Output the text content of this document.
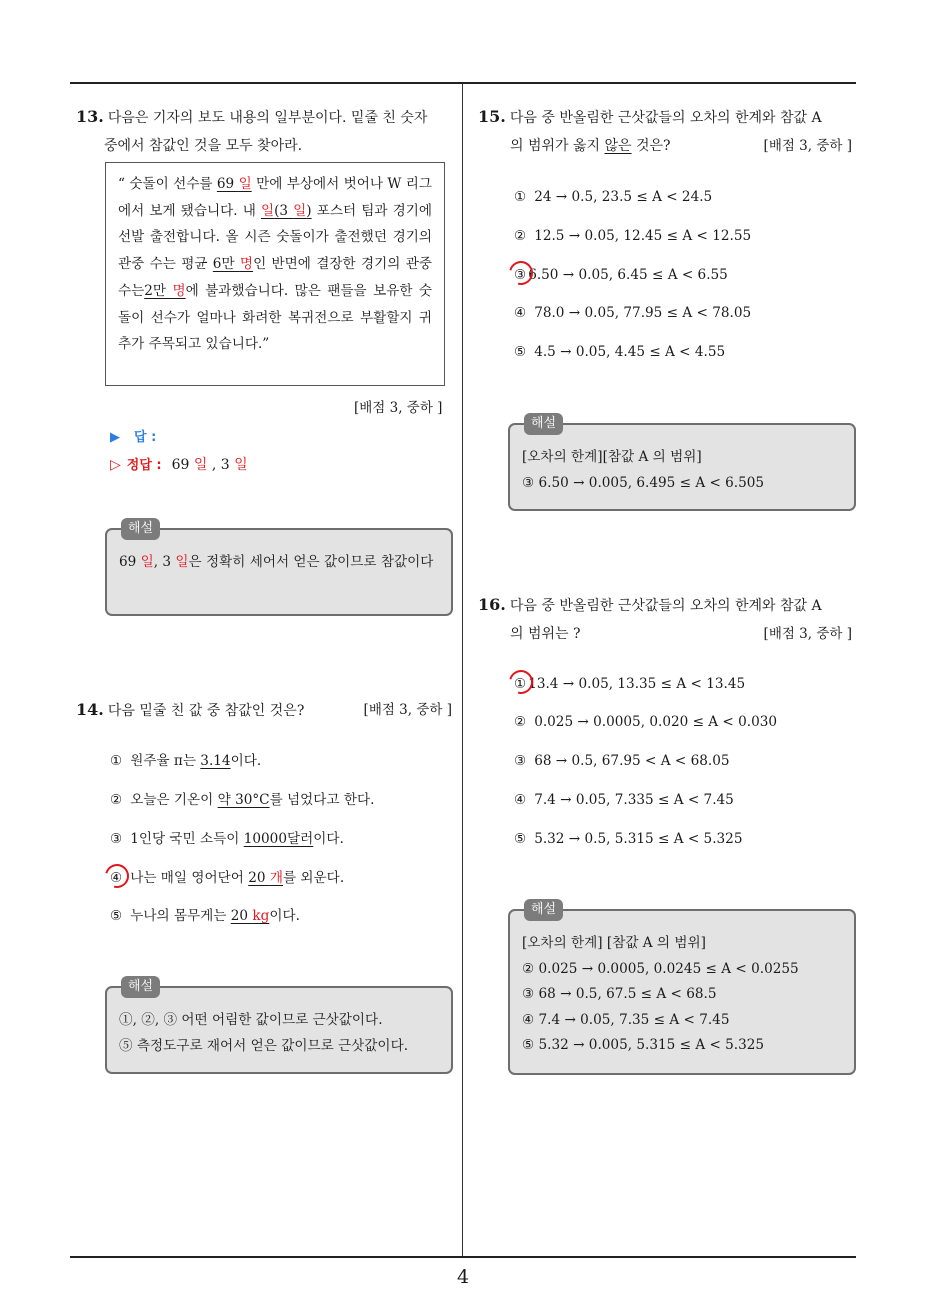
4
13. 다음은 기자의 보도 내용의 일부분이다. 밑줄 친 숫자
중에서 참값인 것을 모두 찾아라.
“ 숫돌이 선수를 69 일 만에 부상에서 벗어나 W 리그에서 보게 됐습니다. 내 일(3 일) 포스터 팀과 경기에 선발 출전합니다. 올 시즌 숫돌이가 출전했던 경기의 관중 수는 평균 6만 명인 반면에 결장한 경기의 관중 수는2만 명에 불과했습니다. 많은 팬들을 보유한 숫돌이 선수가 얼마나 화려한 복귀전으로 부활할지 귀추가 주목되고 있습니다.”
[배점 3, 중하 ]
▶ 답 :
▷ 정답 : 69 일 , 3 일
해설
69 일, 3 일은 정확히 세어서 얻은 값이므로 참값이다
14. 다음 밑줄 친 값 중 참값인 것은?	[배점 3, 중하 ]
① 원주율 π는 3.14이다.
② 오늘은 기온이 약 30°C를 넘었다고 한다.
③ 1인당 국민 소득이 10000달러이다.
④ 나는 매일 영어단어 20 개를 외운다.
⑤ 누나의 몸무게는 20 kg이다.
해설
①, ②, ③ 어떤 어림한 값이므로 근삿값이다.
⑤ 측정도구로 재어서 얻은 값이므로 근삿값이다.
15. 다음 중 반올림한 근삿값들의 오차의 한계와 참값 A
의 범위가 옳지 않은 것은?	[배점 3, 중하 ]
① 24 → 0.5, 23.5 ≤ A < 24.5
② 12.5 → 0.05, 12.45 ≤ A < 12.55
③ 6.50 → 0.05, 6.45 ≤ A < 6.55
④ 78.0 → 0.05, 77.95 ≤ A < 78.05
⑤ 4.5 → 0.05, 4.45 ≤ A < 4.55
해설
[오차의 한계][참값 A 의 범위]
③ 6.50 → 0.005, 6.495 ≤ A < 6.505
16. 다음 중 반올림한 근삿값들의 오차의 한계와 참값 A
의 범위는 ?	[배점 3, 중하 ]
① 13.4 → 0.05, 13.35 ≤ A < 13.45
② 0.025 → 0.0005, 0.020 ≤ A < 0.030
③ 68 → 0.5, 67.95 < A < 68.05
④ 7.4 → 0.05, 7.335 ≤ A < 7.45
⑤ 5.32 → 0.5, 5.315 ≤ A < 5.325
해설
[오차의 한계] [참값 A 의 범위]
② 0.025 → 0.0005, 0.0245 ≤ A < 0.0255
③ 68 → 0.5, 67.5 ≤ A < 68.5
④ 7.4 → 0.05, 7.35 ≤ A < 7.45
⑤ 5.32 → 0.005, 5.315 ≤ A < 5.325
